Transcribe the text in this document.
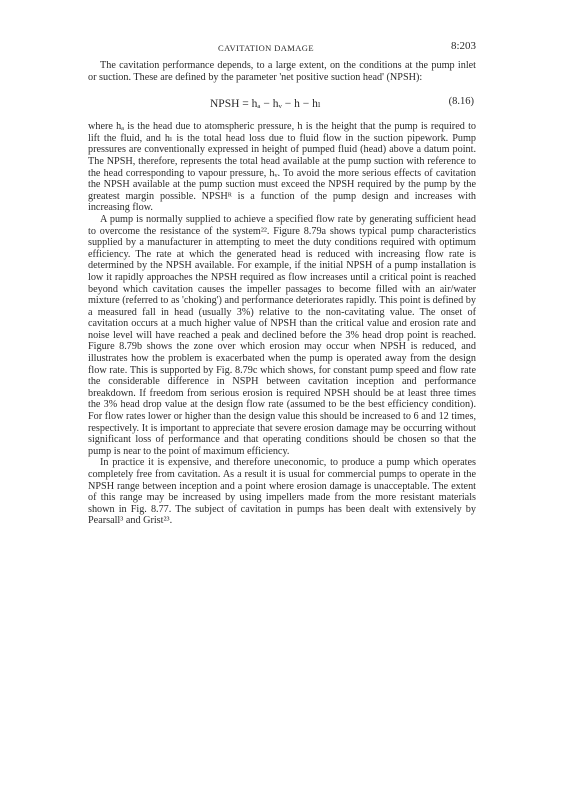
CAVITATION DAMAGE	8:203

The cavitation performance depends, to a large extent, on the conditions at the pump inlet or suction. These are defined by the parameter 'net positive suction head' (NPSH):

NPSH = hₐ − hᵥ − h − hₗ	(8.16)

where hₐ is the head due to atomspheric pressure, h is the height that the pump is required to lift the fluid, and hₗ is the total head loss due to fluid flow in the suction pipework. Pump pressures are conventionally expressed in height of pumped fluid (head) above a datum point. The NPSH, therefore, represents the total head available at the pump suction with reference to the head corresponding to vapour pressure, hᵥ. To avoid the more serious effects of cavitation the NPSH available at the pump suction must exceed the NPSH required by the pump by the greatest margin possible. NPSHᴿ is a function of the pump design and increases with increasing flow.

A pump is normally supplied to achieve a specified flow rate by generating sufficient head to overcome the resistance of the system²². Figure 8.79a shows typical pump characteristics supplied by a manufacturer in attempting to meet the duty conditions required with optimum efficiency. The rate at which the generated head is reduced with increasing flow rate is determined by the NPSH available. For example, if the initial NPSH of a pump installation is low it rapidly approaches the NPSH required as flow increases until a critical point is reached beyond which cavitation causes the impeller passages to become filled with an air/water mixture (referred to as 'choking') and performance deteriorates rapidly. This point is defined by a measured fall in head (usually 3%) relative to the non-cavitating value. The onset of cavitation occurs at a much higher value of NPSH than the critical value and erosion rate and noise level will have reached a peak and declined before the 3% head drop point is reached. Figure 8.79b shows the zone over which erosion may occur when NPSH is reduced, and illustrates how the problem is exacerbated when the pump is operated away from the design flow rate. This is supported by Fig. 8.79c which shows, for constant pump speed and flow rate the considerable difference in NSPH between cavitation inception and performance breakdown. If freedom from serious erosion is required NPSH should be at least three times the 3% head drop value at the design flow rate (assumed to be the best efficiency condition). For flow rates lower or higher than the design value this should be increased to 6 and 12 times, respectively. It is important to appreciate that severe erosion damage may be occurring without significant loss of performance and that operating conditions should be chosen so that the pump is near to the point of maximum efficiency.

In practice it is expensive, and therefore uneconomic, to produce a pump which operates completely free from cavitation. As a result it is usual for commercial pumps to operate in the NPSH range between inception and a point where erosion damage is unacceptable. The extent of this range may be increased by using impellers made from the more resistant materials shown in Fig. 8.77. The subject of cavitation in pumps has been dealt with extensively by Pearsall³ and Grist²³.
